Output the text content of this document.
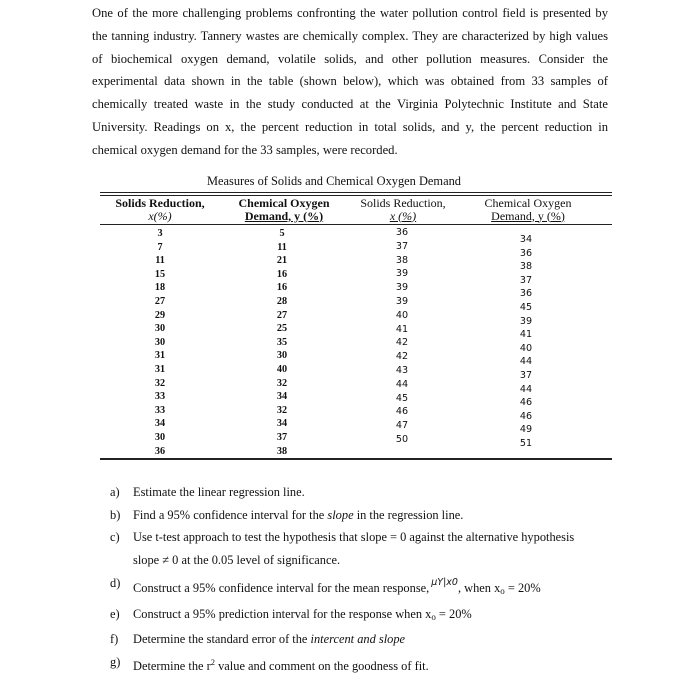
One of the more challenging problems confronting the water pollution control field is presented by the tanning industry. Tannery wastes are chemically complex. They are characterized by high values of biochemical oxygen demand, volatile solids, and other pollution measures. Consider the experimental data shown in the table (shown below), which was obtained from 33 samples of chemically treated waste in the study conducted at the Virginia Polytechnic Institute and State University. Readings on x, the percent reduction in total solids, and y, the percent reduction in chemical oxygen demand for the 33 samples, were recorded.

Measures of Solids and Chemical Oxygen Demand
Solids Reduction,
x(%)
Chemical Oxygen
Demand, y (%)
Solids Reduction,
x (%)
Chemical Oxygen
Demand, y (%)
3
7
11
15
18
27
29
30
30
31
31
32
33
33
34
30
36
5
11
21
16
16
28
27
25
35
30
40
32
34
32
34
37
38
36
37
38
39
39
39
40
41
42
42
43
44
45
46
47
50
34
36
38
37
36
45
39
41
40
44
37
44
46
46
49
51
a) Estimate the linear regression line.
b) Find a 95% confidence interval for the slope in the regression line.
c) Use t-test approach to test the hypothesis that slope = 0 against the alternative hypothesis
slope ≠ 0 at the 0.05 level of significance.
d) Construct a 95% confidence interval for the mean response, $^{\mu Y|x0}$, when xo = 20%
e) Construct a 95% prediction interval for the response when xo = 20%
f) Determine the standard error of the intercent and slope
g) Determine the $r^2$ value and comment on the goodness of fit.
